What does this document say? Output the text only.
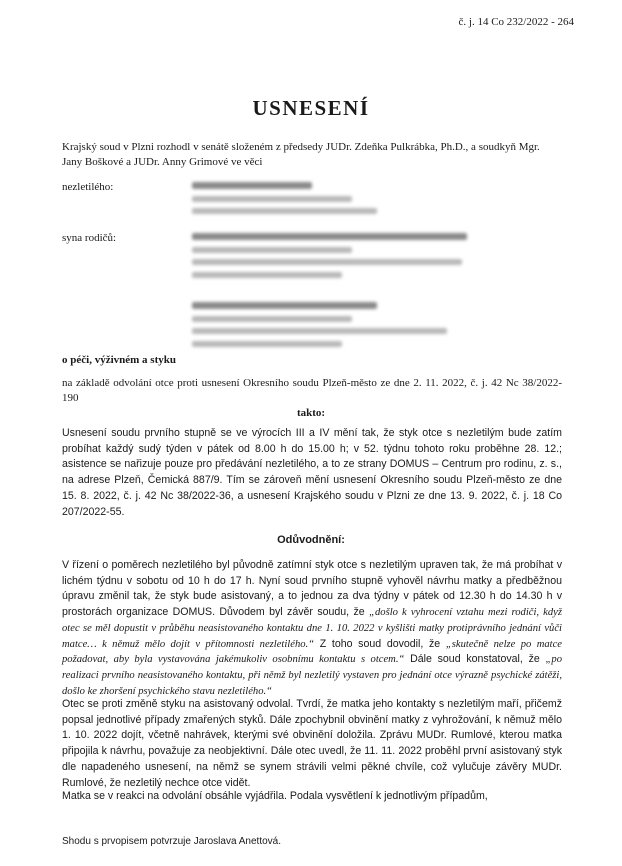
č. j. 14 Co 232/2022 - 264
USNESENÍ
Krajský soud v Plzni rozhodl v senátě složeném z předsedy JUDr. Zdeňka Pulkrábka, Ph.D., a soudkyň Mgr. Jany Boškové a JUDr. Anny Grimové ve věci
nezletilého:
syna rodičů:
o péči, výživném a styku
na základě odvolání otce proti usnesení Okresního soudu Plzeň-město ze dne 2. 11. 2022, č. j. 42 Nc 38/2022-190
takto:
Usnesení soudu prvního stupně se ve výrocích III a IV mění tak, že styk otce s nezletilým bude zatím probíhat každý sudý týden v pátek od 8.00 h do 15.00 h; v 52. týdnu tohoto roku proběhne 28. 12.; asistence se nařizuje pouze pro předávání nezletilého, a to ze strany DOMUS – Centrum pro rodinu, z. s., na adrese Plzeň, Čemická 887/9. Tím se zároveň mění usnesení Okresního soudu Plzeň-město ze dne 15. 8. 2022, č. j. 42 Nc 38/2022-36, a usnesení Krajského soudu v Plzni ze dne 13. 9. 2022, č. j. 18 Co 207/2022-55.
Odůvodnění:
V řízení o poměrech nezletilého byl původně zatímní styk otce s nezletilým upraven tak, že má probíhat v lichém týdnu v sobotu od 10 h do 17 h. Nyní soud prvního stupně vyhověl návrhu matky a předběžnou úpravu změnil tak, že styk bude asistovaný, a to jednou za dva týdny v pátek od 12.30 h do 14.30 h v prostorách organizace DOMUS. Důvodem byl závěr soudu, že „došlo k vyhrocení vztahu mezi rodiči, když otec se měl dopustit v průběhu neasistovaného kontaktu dne 1. 10. 2022 v kyšlišti matky protiprávního jednání vůči matce… k němuž mělo dojít v přítomnosti nezletilého.“ Z toho soud dovodil, že „skutečně nelze po matce požadovat, aby byla vystavována jakémukoliv osobnímu kontaktu s otcem.“ Dále soud konstatoval, že „po realizaci prvního neasistovaného kontaktu, při němž byl nezletilý vystaven pro jednání otce výrazně psychické zátěži, došlo ke zhoršení psychického stavu nezletilého.“
Otec se proti změně styku na asistovaný odvolal. Tvrdí, že matka jeho kontakty s nezletilým maří, přičemž popsal jednotlivé případy zmařených styků. Dále zpochybnil obvinění matky z vyhrožování, k němuž mělo 1. 10. 2022 dojít, včetně nahrávek, kterými své obvinění doložila. Zprávu MUDr. Rumlové, kterou matka připojila k návrhu, považuje za neobjektivní. Dále otec uvedl, že 11. 11. 2022 proběhl první asistovaný styk dle napadeného usnesení, na němž se synem strávili velmi pěkné chvíle, což vylučuje závěry MUDr. Rumlové, že nezletilý nechce otce vidět.
Matka se v reakci na odvolání obsáhle vyjádřila. Podala vysvětlení k jednotlivým případům,
Shodu s prvopisem potvrzuje Jaroslava Anettová.
